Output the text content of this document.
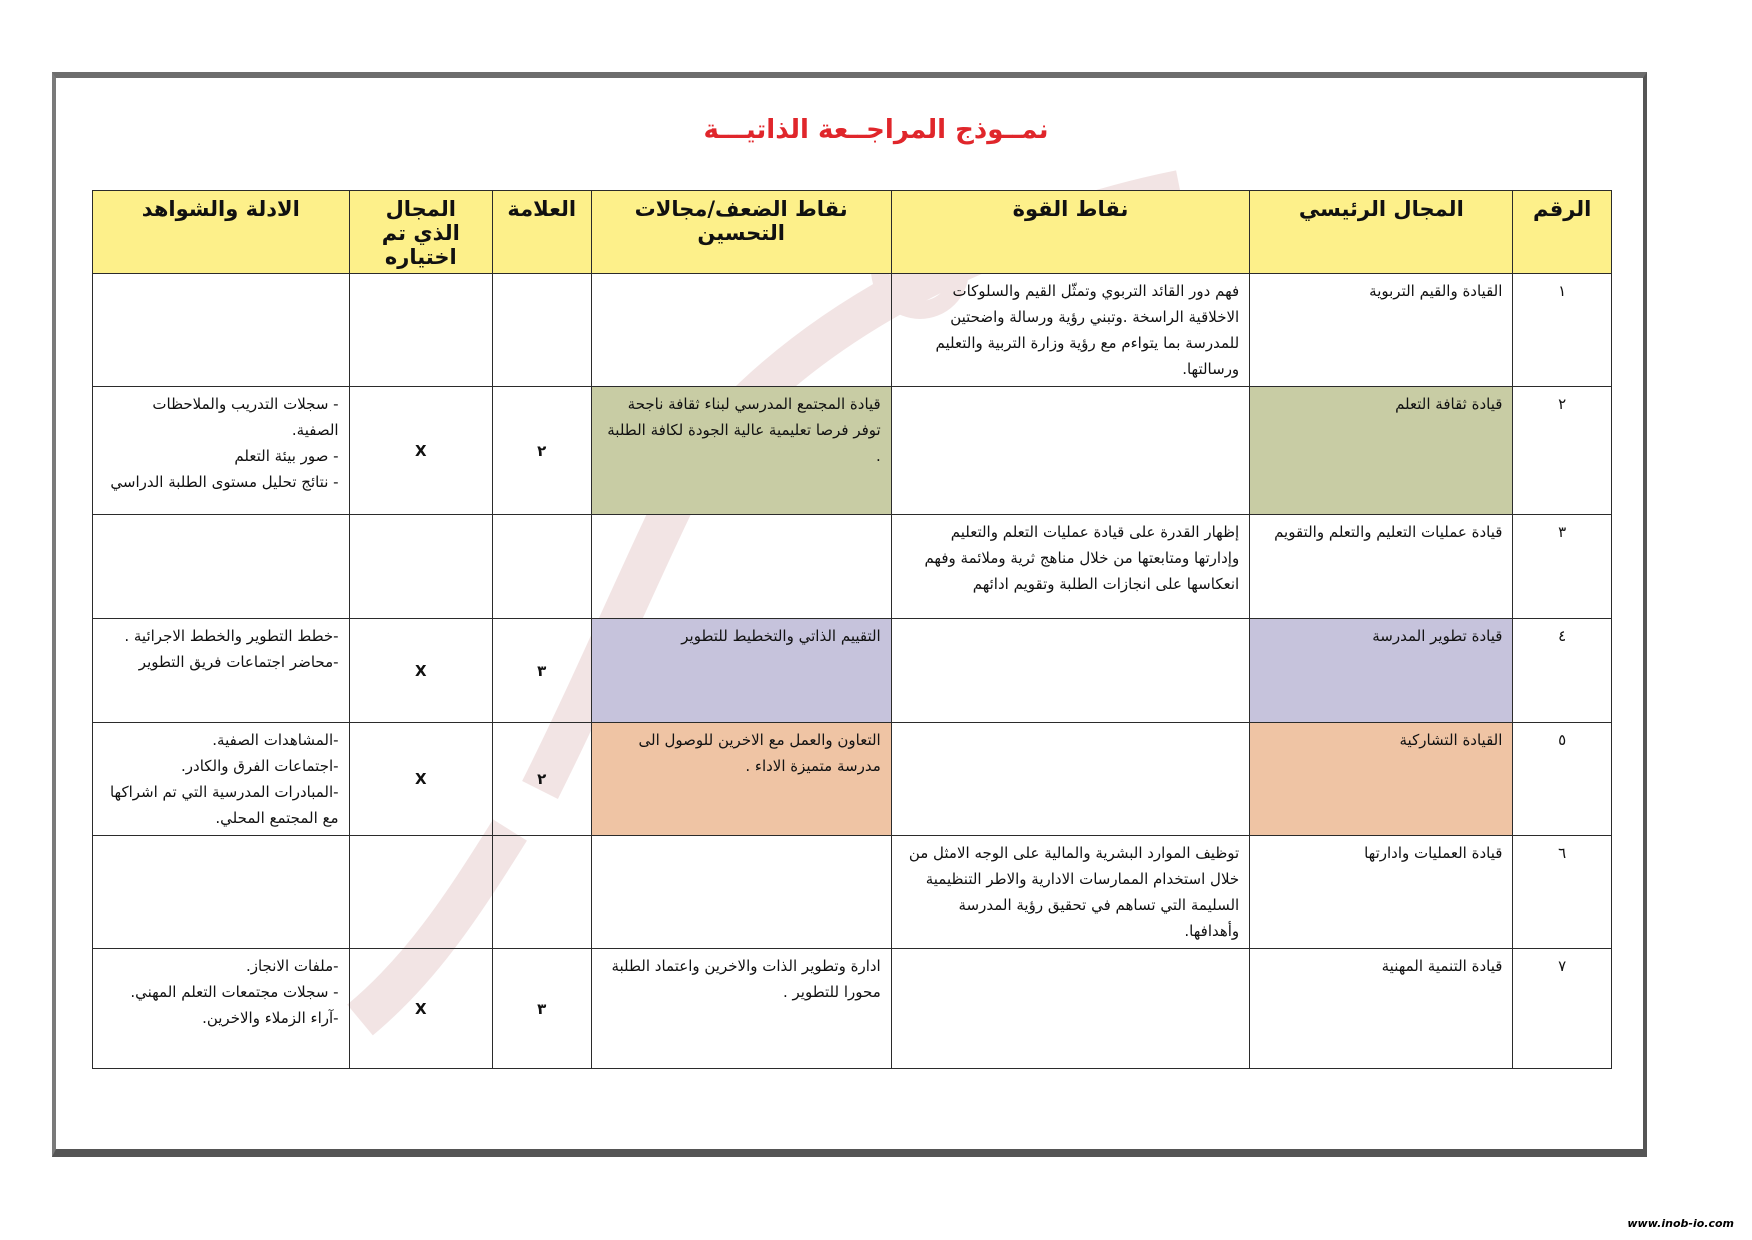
نمــوذج المراجــعة الذاتيـــة
الرقم	المجال الرئيسي	نقاط القوة	نقاط الضعف/مجالات التحسين	العلامة	المجال الذي تم اختياره	الادلة والشواهد
١	القيادة والقيم التربوية	فهم دور القائد التربوي وتمثّل القيم والسلوكات الاخلاقية الراسخة .وتبني رؤية ورسالة واضحتين للمدرسة بما يتواءم مع رؤية وزارة التربية والتعليم ورسالتها.				
٢	قيادة ثقافة التعلم		قيادة المجتمع المدرسي لبناء ثقافة ناجحة توفر فرصا تعليمية عالية الجودة لكافة الطلبة .	٢	X	- سجلات التدريب والملاحظات الصفية.
- صور بيئة التعلم
- نتائج تحليل مستوى الطلبة الدراسي

٣	قيادة عمليات التعليم والتعلم والتقويم	إظهار القدرة على قيادة عمليات التعلم والتعليم وإدارتها ومتابعتها من خلال مناهج ثرية وملائمة وفهم انعكاسها على انجازات الطلبة وتقويم ادائهم				
٤	قيادة تطوير المدرسة		التقييم الذاتي والتخطيط للتطوير	٣	X	-خطط التطوير والخطط الاجرائية .
-محاضر اجتماعات فريق التطوير

٥	القيادة التشاركية		التعاون والعمل مع الاخرين للوصول الى مدرسة متميزة الاداء .	٢	X	-المشاهدات الصفية.
-اجتماعات الفرق والكادر.
-المبادرات المدرسية التي تم اشراكها مع المجتمع المحلي.

٦	قيادة العمليات وادارتها	توظيف الموارد البشرية والمالية على الوجه الامثل من خلال استخدام الممارسات الادارية والاطر التنظيمية السليمة التي تساهم في تحقيق رؤية المدرسة وأهدافها.				
٧	قيادة التنمية المهنية		ادارة وتطوير الذات والاخرين واعتماد الطلبة محورا للتطوير .	٣	X	-ملفات الانجاز.
- سجلات مجتمعات التعلم المهني.
-آراء الزملاء والاخرين.
www.inob-io.com
